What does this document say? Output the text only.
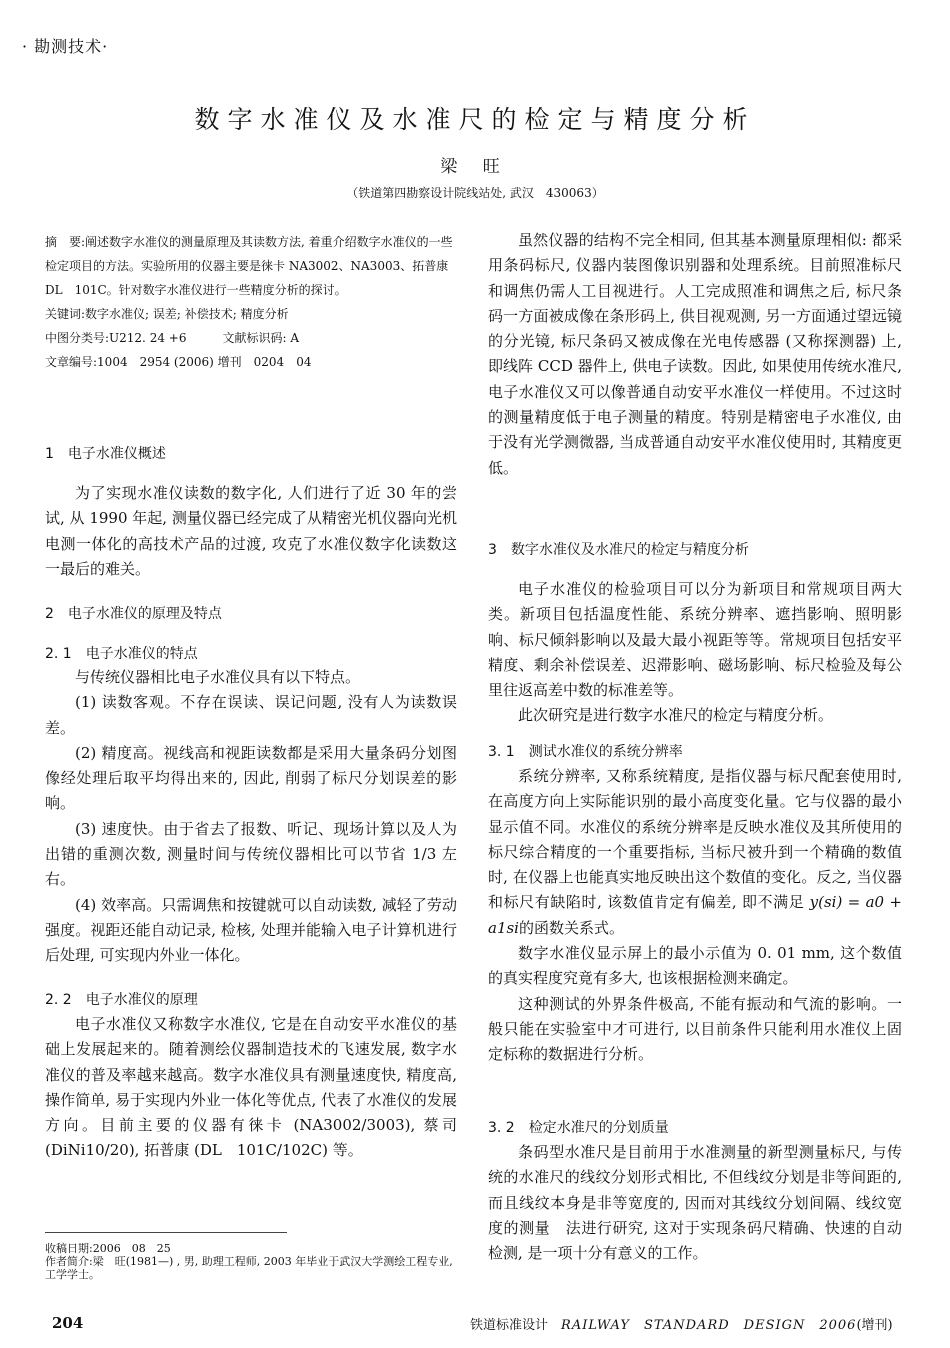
· 勘测技术·
数字水准仪及水准尺的检定与精度分析
梁 旺
（铁道第四勘察设计院线站处, 武汉　430063）

摘　要:阐述数字水准仪的测量原理及其读数方法, 着重介绍数字水准仪的一些检定项目的方法。实验所用的仪器主要是徕卡 NA3002、NA3003、拓普康 DL　101C。针对数字水准仪进行一些精度分析的探讨。

关键词:数字水准仪; 误差; 补偿技术; 精度分析

中图分类号:U212. 24 +6　　　文献标识码: A

文章编号:1004　2954 (2006) 增刊　0204　04

1　电子水准仪概述

为了实现水准仪读数的数字化, 人们进行了近 30 年的尝试, 从 1990 年起, 测量仪器已经完成了从精密光机仪器向光机电测一体化的高技术产品的过渡, 攻克了水准仪数字化读数这一最后的难关。

2　电子水准仪的原理及特点
2. 1　电子水准仪的特点

与传统仪器相比电子水准仪具有以下特点。

(1) 读数客观。不存在误读、误记问题, 没有人为读数误差。

(2) 精度高。视线高和视距读数都是采用大量条码分划图像经处理后取平均得出来的, 因此, 削弱了标尺分划误差的影响。

(3) 速度快。由于省去了报数、听记、现场计算以及人为出错的重测次数, 测量时间与传统仪器相比可以节省 1/3 左右。

(4) 效率高。只需调焦和按键就可以自动读数, 减轻了劳动强度。视距还能自动记录, 检核, 处理并能输入电子计算机进行后处理, 可实现内外业一体化。

2. 2　电子水准仪的原理

电子水准仪又称数字水准仪, 它是在自动安平水准仪的基础上发展起来的。随着测绘仪器制造技术的飞速发展, 数字水准仪的普及率越来越高。数字水准仪具有测量速度快, 精度高, 操作简单, 易于实现内外业一体化等优点, 代表了水准仪的发展方向。目前主要的仪器有徕卡 (NA3002/3003), 蔡司 (DiNi10/20), 拓普康 (DL　101C/102C) 等。

收稿日期:2006　08　25

作者简介:梁　旺(1981—) , 男, 助理工程师, 2003 年毕业于武汉大学测绘工程专业, 工学学士。

虽然仪器的结构不完全相同, 但其基本测量原理相似: 都采用条码标尺, 仪器内装图像识别器和处理系统。目前照准标尺和调焦仍需人工目视进行。人工完成照准和调焦之后, 标尺条码一方面被成像在条形码上, 供目视观测, 另一方面通过望远镜的分光镜, 标尺条码又被成像在光电传感器 (又称探测器) 上, 即线阵 CCD 器件上, 供电子读数。因此, 如果使用传统水准尺, 电子水准仪又可以像普通自动安平水准仪一样使用。不过这时的测量精度低于电子测量的精度。特别是精密电子水准仪, 由于没有光学测微器, 当成普通自动安平水准仪使用时, 其精度更低。

3　数字水准仪及水准尺的检定与精度分析

电子水准仪的检验项目可以分为新项目和常规项目两大类。新项目包括温度性能、系统分辨率、遮挡影响、照明影响、标尺倾斜影响以及最大最小视距等等。常规项目包括安平精度、剩余补偿误差、迟滞影响、磁场影响、标尺检验及每公里往返高差中数的标准差等。

此次研究是进行数字水准尺的检定与精度分析。

3. 1　测试水准仪的系统分辨率

系统分辨率, 又称系统精度, 是指仪器与标尺配套使用时, 在高度方向上实际能识别的最小高度变化量。它与仪器的最小显示值不同。水准仪的系统分辨率是反映水准仪及其所使用的标尺综合精度的一个重要指标, 当标尺被升到一个精确的数值时, 在仪器上也能真实地反映出这个数值的变化。反之, 当仪器和标尺有缺陷时, 该数值肯定有偏差, 即不满足 y(si) = a0 + a1si的函数关系式。

数字水准仪显示屏上的最小示值为 0. 01 mm, 这个数值的真实程度究竟有多大, 也该根据检测来确定。

这种测试的外界条件极高, 不能有振动和气流的影响。一般只能在实验室中才可进行, 以目前条件只能利用水准仪上固定标称的数据进行分析。

3. 2　检定水准尺的分划质量

条码型水准尺是目前用于水准测量的新型测量标尺, 与传统的水准尺的线纹分划形式相比, 不但线纹分划是非等间距的, 而且线纹本身是非等宽度的, 因而对其线纹分划间隔、线纹宽度的测量　法进行研究, 这对于实现条码尺精确、快速的自动检测, 是一项十分有意义的工作。

204	铁道标准设计　 RAILWAY　STANDARD　DESIGN　2006(增刊)
